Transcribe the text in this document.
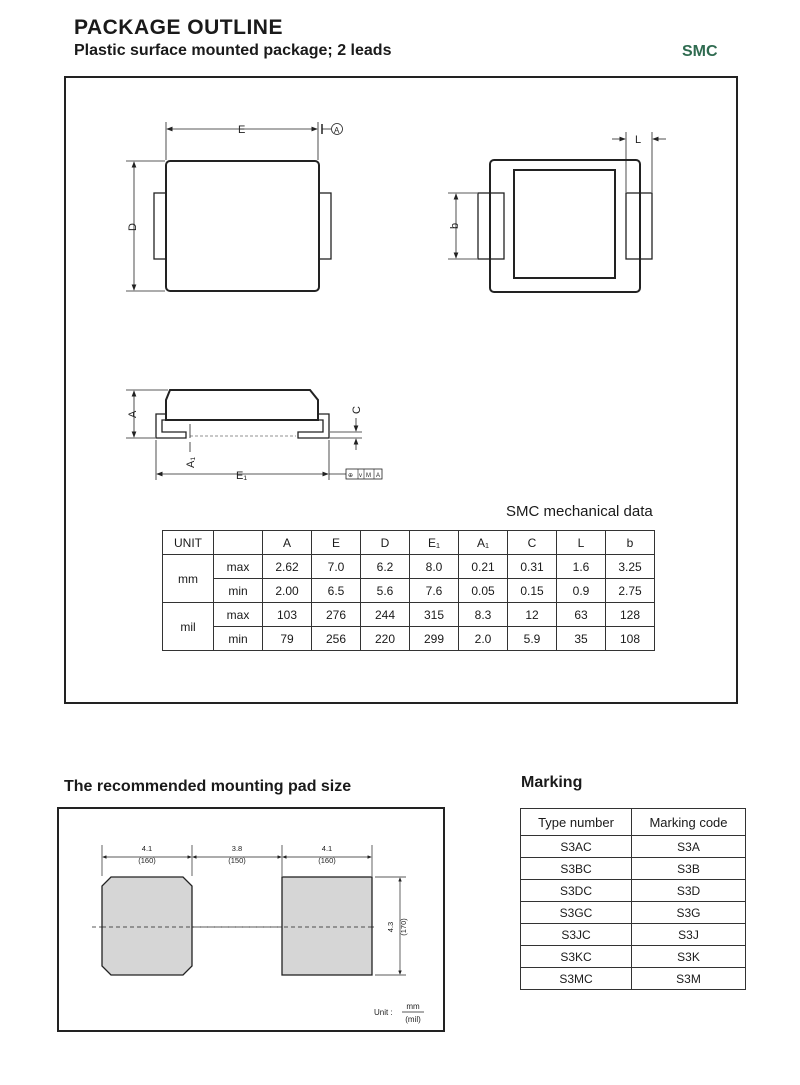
PACKAGE OUTLINE
Plastic surface mounted package; 2 leads	SMC
E	A
D	b
L
A
C
A₁
E₁	⊕ v M A
SMC mechanical data
UNIT		A	E	D	E₁	A₁	C	L	b
mm	max	2.62	7.0	6.2	8.0	0.21	0.31	1.6	3.25
	min	2.00	6.5	5.6	7.6	0.05	0.15	0.9	2.75
mil	max	103	276	244	315	8.3	12	63	128
	min	79	256	220	299	2.0	5.9	35	108
The recommended mounting pad size
4.1
(160)
3.8
(150)
4.1
(160)
4.3 (170)
Unit :
mm
(mil)
Marking
Type number	Marking code
S3AC	S3A
S3BC	S3B
S3DC	S3D
S3GC	S3G
S3JC	S3J
S3KC	S3K
S3MC	S3M
